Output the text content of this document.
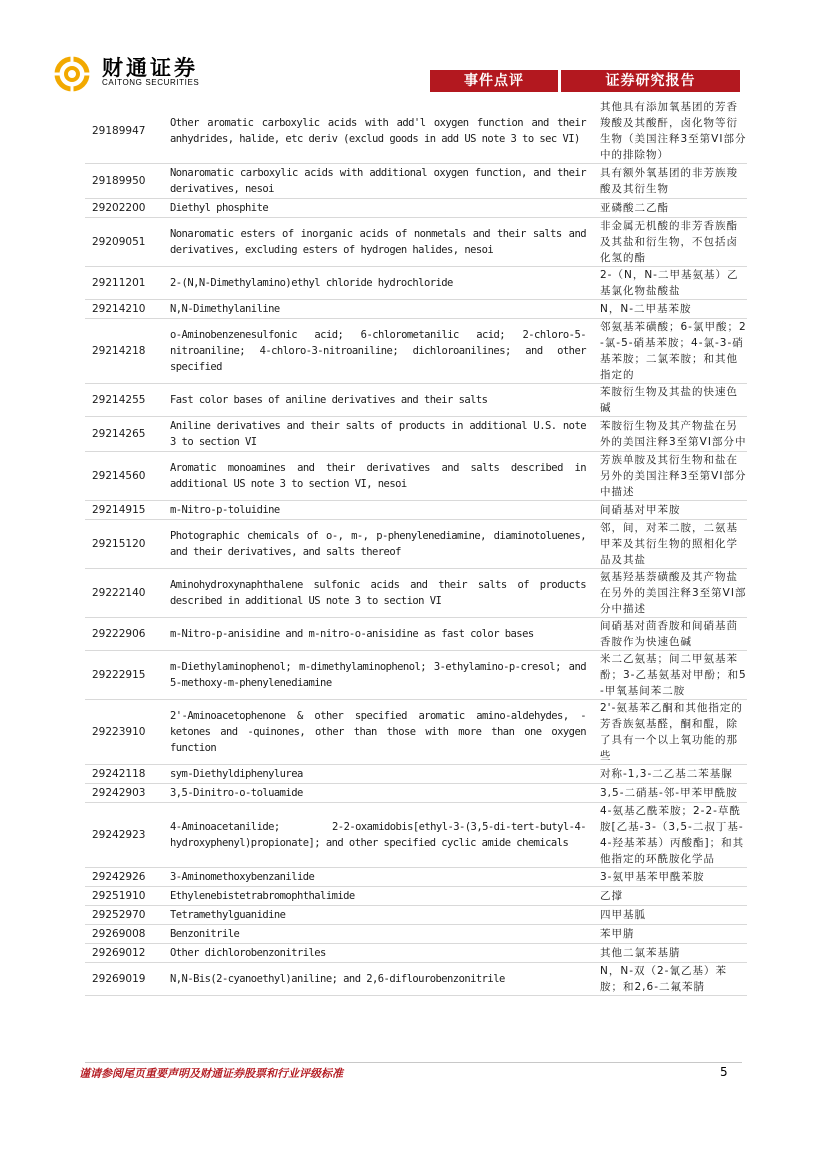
财通证券
CAITONG SECURITIES	事件点评	证券研究报告
29189947	Other aromatic carboxylic acids with add'l oxygen function and their anhydrides, halide, etc deriv (exclud goods in add US note 3 to sec VI)	其他具有添加氧基团的芳香羧酸及其酸酐，卤化物等衍生物（美国注释3至第VI部分中的排除物）
29189950	Nonaromatic carboxylic acids with additional oxygen function, and their derivatives, nesoi	具有额外氧基团的非芳族羧酸及其衍生物
29202200	Diethyl phosphite	亚磷酸二乙酯
29209051	Nonaromatic esters of inorganic acids of nonmetals and their salts and derivatives, excluding esters of hydrogen halides, nesoi	非金属无机酸的非芳香族酯及其盐和衍生物，不包括卤化氢的酯
29211201	2-(N,N-Dimethylamino)ethyl chloride hydrochloride	2-（N，N-二甲基氨基）乙基氯化物盐酸盐
29214210	N,N-Dimethylaniline	N，N-二甲基苯胺
29214218	o-Aminobenzenesulfonic acid; 6-chlorometanilic acid; 2-chloro-5-nitroaniline; 4-chloro-3-nitroaniline; dichloroanilines; and other specified	邻氨基苯磺酸；6-氯甲酸；2-氯-5-硝基苯胺；4-氯-3-硝基苯胺；二氯苯胺；和其他指定的
29214255	Fast color bases of aniline derivatives and their salts	苯胺衍生物及其盐的快速色碱
29214265	Aniline derivatives and their salts of products in additional U.S. note 3 to section VI	苯胺衍生物及其产物盐在另外的美国注释3至第VI部分中
29214560	Aromatic monoamines and their derivatives and salts described in additional US note 3 to section VI, nesoi	芳族单胺及其衍生物和盐在另外的美国注释3至第VI部分中描述
29214915	m-Nitro-p-toluidine	间硝基对甲苯胺
29215120	Photographic chemicals of o-, m-, p-phenylenediamine, diaminotoluenes, and their derivatives, and salts thereof	邻，间，对苯二胺，二氨基甲苯及其衍生物的照相化学品及其盐
29222140	Aminohydroxynaphthalene sulfonic acids and their salts of products described in additional US note 3 to section VI	氨基羟基萘磺酸及其产物盐在另外的美国注释3至第VI部分中描述
29222906	m-Nitro-p-anisidine and m-nitro-o-anisidine as fast color bases	间硝基对茴香胺和间硝基茴香胺作为快速色碱
29222915	m-Diethylaminophenol; m-dimethylaminophenol; 3-ethylamino-p-cresol; and 5-methoxy-m-phenylenediamine	米二乙氨基；间二甲氨基苯酚；3-乙基氨基对甲酚；和5-甲氧基间苯二胺
29223910	2'-Aminoacetophenone & other specified aromatic amino-aldehydes, -ketones and -quinones, other than those with more than one oxygen function	2'-氨基苯乙酮和其他指定的芳香族氨基醛，酮和醌，除了具有一个以上氧功能的那些
29242118	sym-Diethyldiphenylurea	对称-1,3-二乙基二苯基脲
29242903	3,5-Dinitro-o-toluamide	3,5-二硝基-邻-甲苯甲酰胺
29242923	4-Aminoacetanilide; 2-2-oxamidobis[ethyl-3-(3,5-di-tert-butyl-4-hydroxyphenyl)propionate]; and other specified cyclic amide chemicals	4-氨基乙酰苯胺；2-2-草酰胺[乙基-3-（3,5-二叔丁基-4-羟基苯基）丙酸酯]；和其他指定的环酰胺化学品
29242926	3-Aminomethoxybenzanilide	3-氨甲基苯甲酰苯胺
29251910	Ethylenebistetrabromophthalimide	乙撑
29252970	Tetramethylguanidine	四甲基胍
29269008	Benzonitrile	苯甲腈
29269012	Other dichlorobenzonitriles	其他二氯苯基腈
29269019	N,N-Bis(2-cyanoethyl)aniline; and 2,6-diflourobenzonitrile	N，N-双（2-氰乙基）苯胺；和2,6-二氟苯腈
谨请参阅尾页重要声明及财通证券股票和行业评级标准	5
